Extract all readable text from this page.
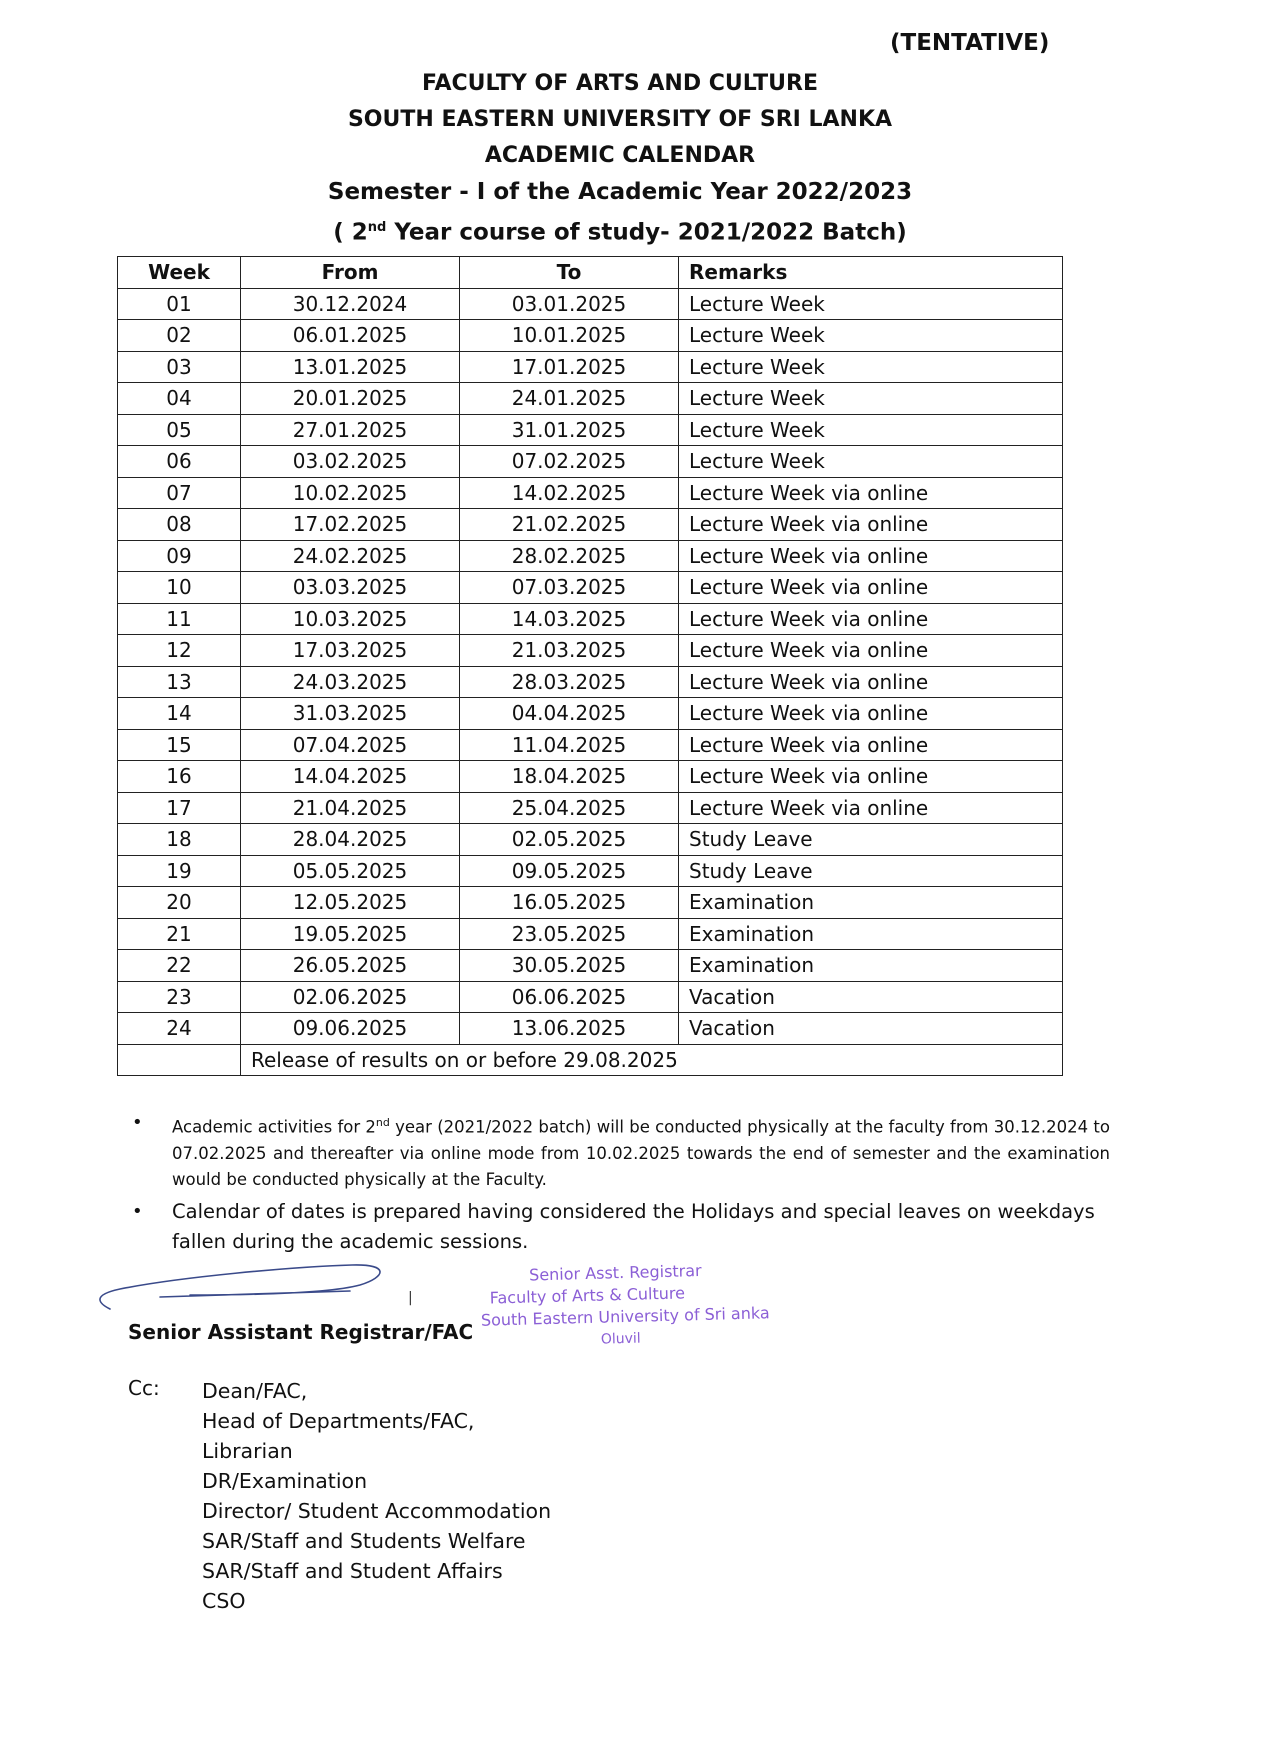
(TENTATIVE)
FACULTY OF ARTS AND CULTURE
SOUTH EASTERN UNIVERSITY OF SRI LANKA
ACADEMIC CALENDAR
Semester - I of the Academic Year 2022/2023
( 2nd Year course of study- 2021/2022 Batch)
Week	From	To	Remarks
01	30.12.2024	03.01.2025	Lecture Week
02	06.01.2025	10.01.2025	Lecture Week
03	13.01.2025	17.01.2025	Lecture Week
04	20.01.2025	24.01.2025	Lecture Week
05	27.01.2025	31.01.2025	Lecture Week
06	03.02.2025	07.02.2025	Lecture Week
07	10.02.2025	14.02.2025	Lecture Week via online
08	17.02.2025	21.02.2025	Lecture Week via online
09	24.02.2025	28.02.2025	Lecture Week via online
10	03.03.2025	07.03.2025	Lecture Week via online
11	10.03.2025	14.03.2025	Lecture Week via online
12	17.03.2025	21.03.2025	Lecture Week via online
13	24.03.2025	28.03.2025	Lecture Week via online
14	31.03.2025	04.04.2025	Lecture Week via online
15	07.04.2025	11.04.2025	Lecture Week via online
16	14.04.2025	18.04.2025	Lecture Week via online
17	21.04.2025	25.04.2025	Lecture Week via online
18	28.04.2025	02.05.2025	Study Leave
19	05.05.2025	09.05.2025	Study Leave
20	12.05.2025	16.05.2025	Examination
21	19.05.2025	23.05.2025	Examination
22	26.05.2025	30.05.2025	Examination
23	02.06.2025	06.06.2025	Vacation
24	09.06.2025	13.06.2025	Vacation
	Release of results on or before 29.08.2025		
• Academic activities for 2nd year (2021/2022 batch) will be conducted physically at the faculty from 30.12.2024 to 07.02.2025 and thereafter via online mode from 10.02.2025 towards the end of semester and the examination would be conducted physically at the Faculty.
• Calendar of dates is prepared having considered the Holidays and special leaves on weekdays fallen during the academic sessions.
|
Senior Asst. Registrar
Faculty of Arts & Culture
South Eastern University of Sri anka
Oluvil
Senior Assistant Registrar/FAC
Cc: Dean/FAC,
Head of Departments/FAC,
Librarian
DR/Examination
Director/ Student Accommodation
SAR/Staff and Students Welfare
SAR/Staff and Student Affairs
CSO
